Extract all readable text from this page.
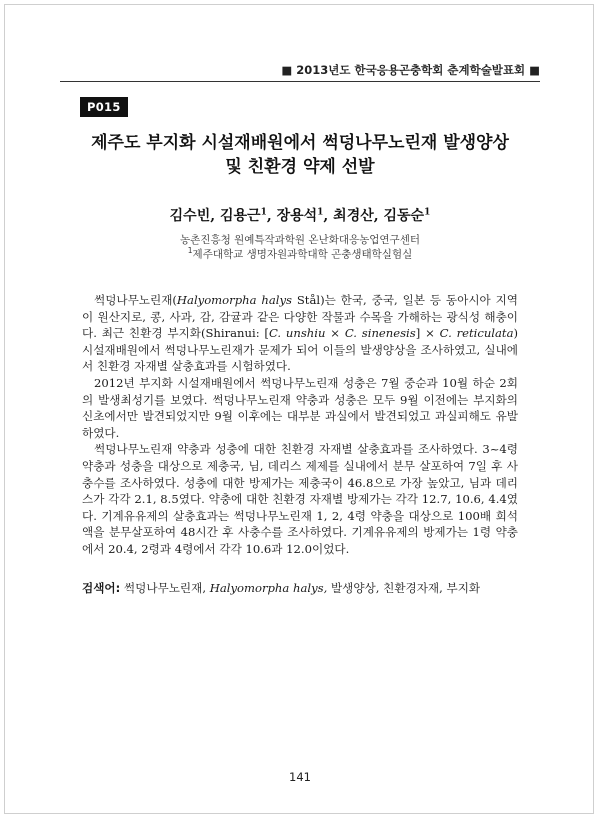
■ 2013년도 한국응용곤충학회 춘계학술발표회 ■
P015
제주도 부지화 시설재배원에서 썩덩나무노린재 발생양상
및 친환경 약제 선발
김수빈, 김용근$^1$, 장용석$^1$, 최경산, 김동순$^1$
농촌진흥청 원예특작과학원 온난화대응농업연구센터
$^1$제주대학교 생명자원과학대학 곤충생태학실험실

썩덩나무노린재(Halyomorpha halys Stål)는 한국, 중국, 일본 등 동아시아 지역이 원산지로, 콩, 사과, 감, 감귤과 같은 다양한 작물과 수목을 가해하는 광식성 해충이다. 최근 친환경 부지화(Shiranui: [C. unshiu × C. sinenesis] × C. reticulata) 시설재배원에서 썩덩나무노린재가 문제가 되어 이들의 발생양상을 조사하였고, 실내에서 친환경 자재별 살충효과를 시험하였다.

2012년 부지화 시설재배원에서 썩덩나무노린재 성충은 7월 중순과 10월 하순 2회의 발생최성기를 보였다. 썩덩나무노린재 약충과 성충은 모두 9월 이전에는 부지화의 신초에서만 발견되었지만 9월 이후에는 대부분 과실에서 발견되었고 과실피해도 유발하였다.

썩덩나무노린재 약충과 성충에 대한 친환경 자재별 살충효과를 조사하였다. 3~4령 약충과 성충을 대상으로 제충국, 님, 데리스 제제를 실내에서 분무 살포하여 7일 후 사충수를 조사하였다. 성충에 대한 방제가는 제충국이 46.8으로 가장 높았고, 님과 데리스가 각각 2.1, 8.5였다. 약충에 대한 친환경 자재별 방제가는 각각 12.7, 10.6, 4.4였다. 기계유유제의 살충효과는 썩덩나무노린재 1, 2, 4령 약충을 대상으로 100배 희석액을 분무살포하여 48시간 후 사충수를 조사하였다. 기계유유제의 방제가는 1령 약충에서 20.4, 2령과 4령에서 각각 10.6과 12.0이었다.

검색어: 썩덩나무노린재, Halyomorpha halys, 발생양상, 친환경자재, 부지화
141
